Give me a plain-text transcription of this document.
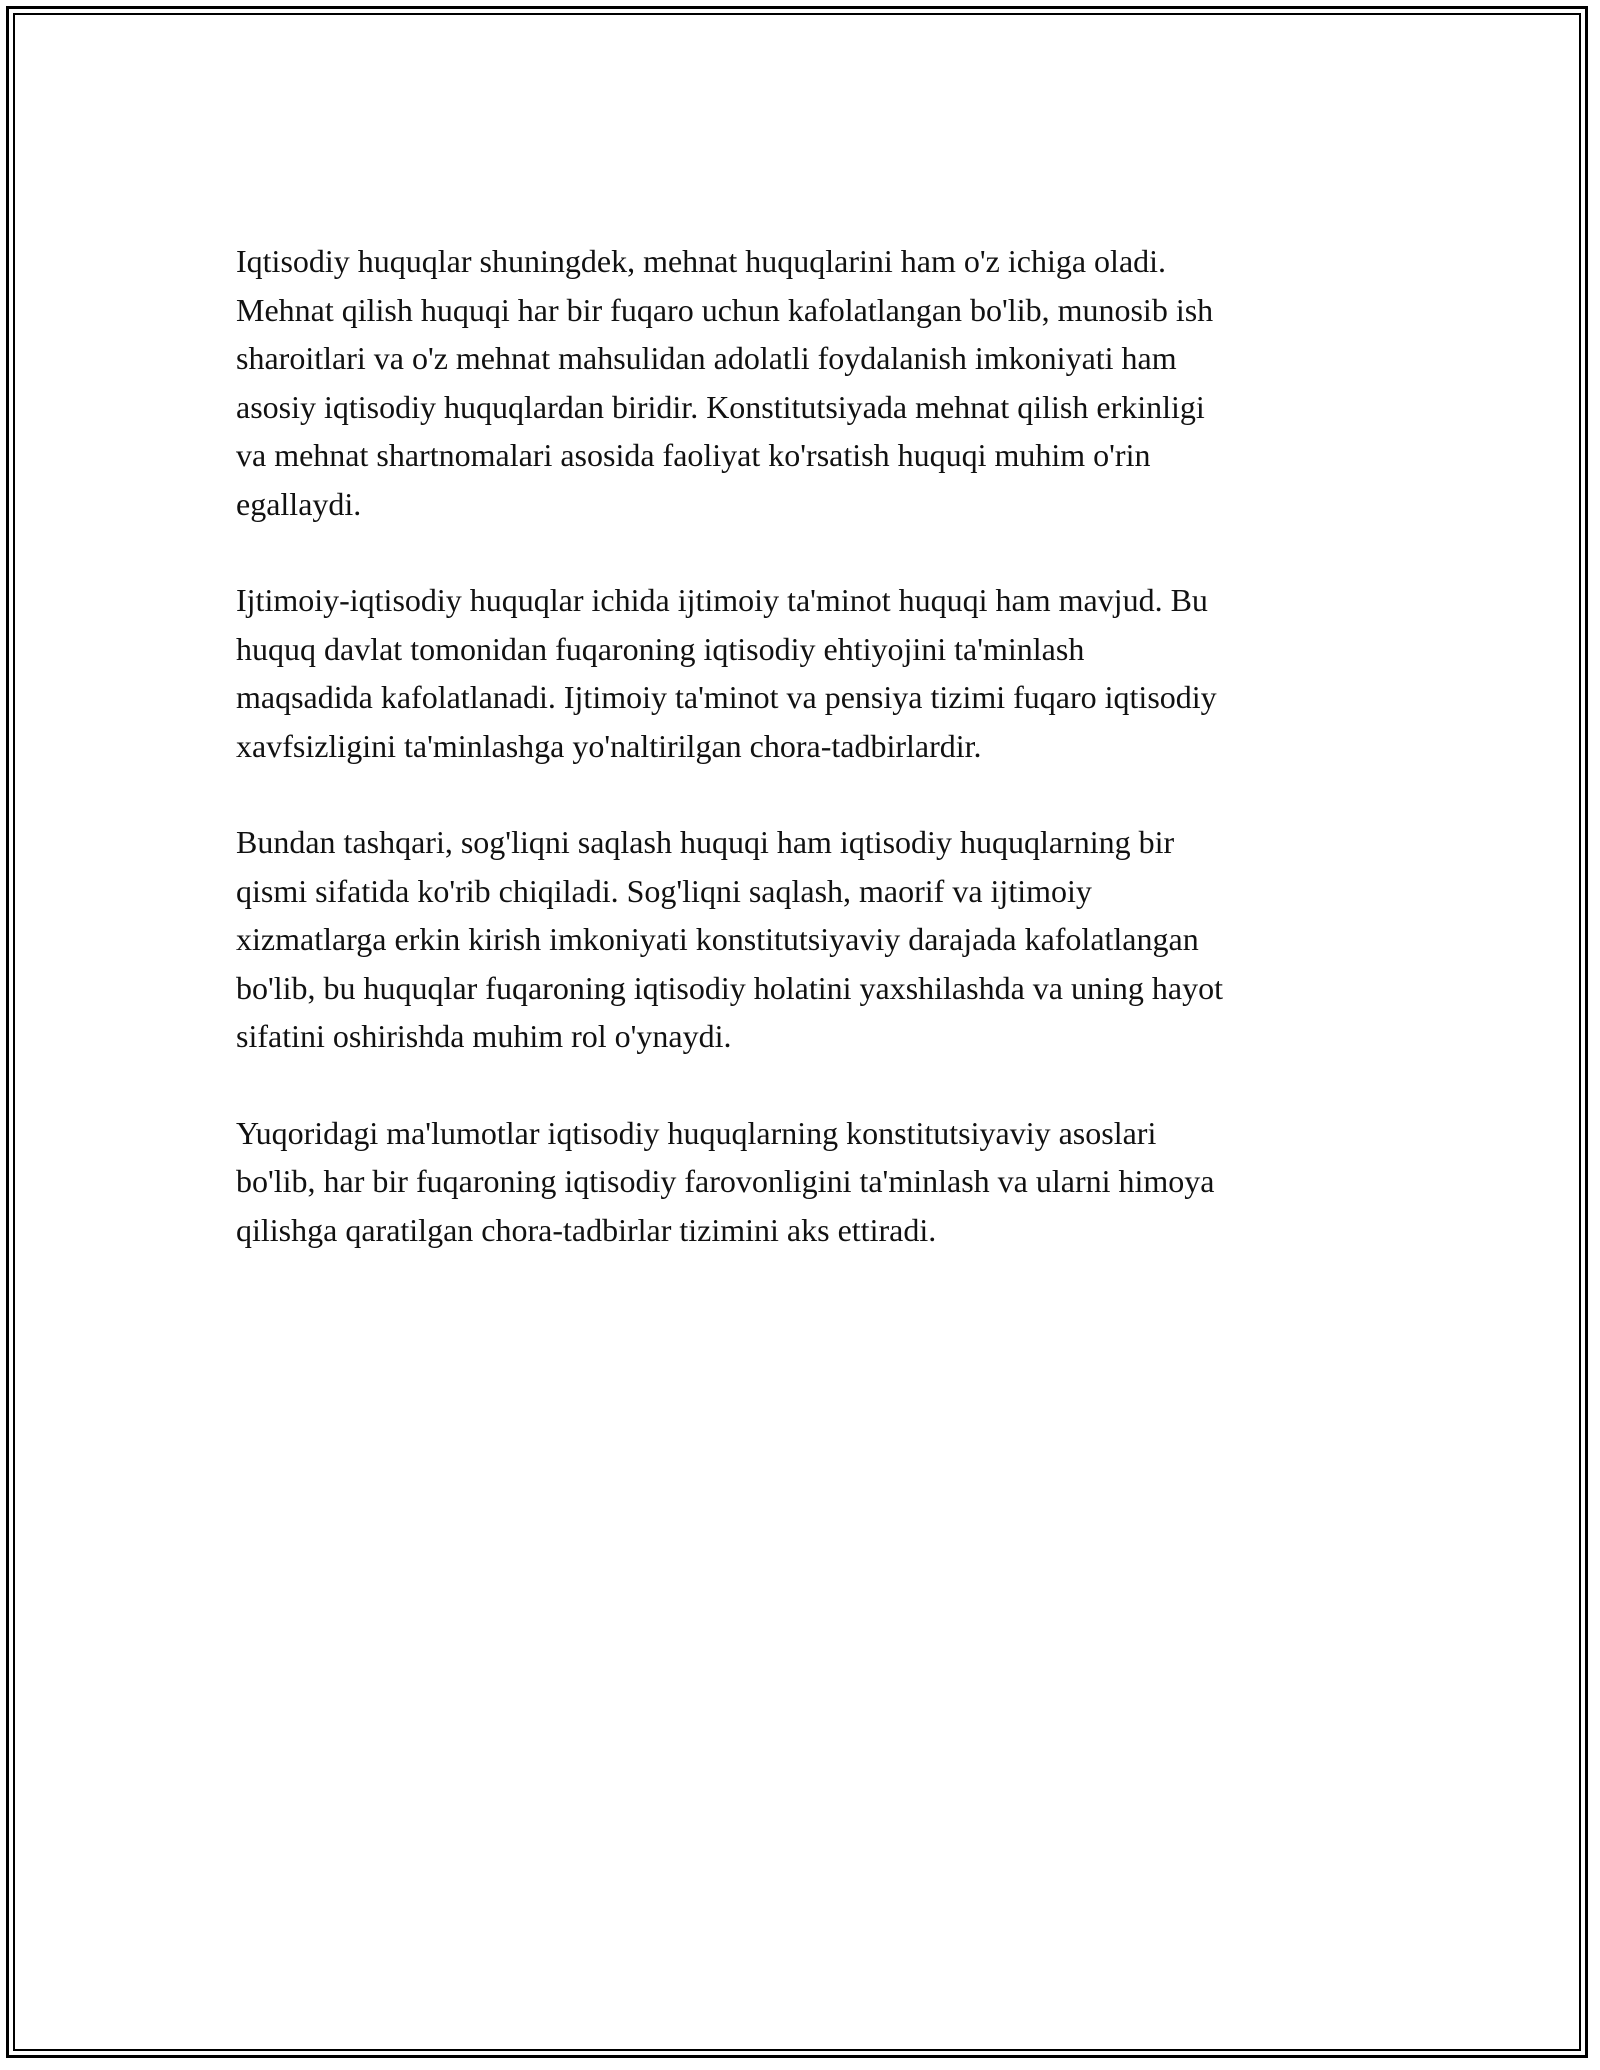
Iqtisodiy huquqlar shuningdek, mehnat huquqlarini ham o'z ichiga oladi.
Mehnat qilish huquqi har bir fuqaro uchun kafolatlangan bo'lib, munosib ish
sharoitlari va o'z mehnat mahsulidan adolatli foydalanish imkoniyati ham
asosiy iqtisodiy huquqlardan biridir. Konstitutsiyada mehnat qilish erkinligi
va mehnat shartnomalari asosida faoliyat ko'rsatish huquqi muhim o'rin
egallaydi.

Ijtimoiy-iqtisodiy huquqlar ichida ijtimoiy ta'minot huquqi ham mavjud. Bu
huquq davlat tomonidan fuqaroning iqtisodiy ehtiyojini ta'minlash
maqsadida kafolatlanadi. Ijtimoiy ta'minot va pensiya tizimi fuqaro iqtisodiy
xavfsizligini ta'minlashga yo'naltirilgan chora-tadbirlardir.

Bundan tashqari, sog'liqni saqlash huquqi ham iqtisodiy huquqlarning bir
qismi sifatida ko'rib chiqiladi. Sog'liqni saqlash, maorif va ijtimoiy
xizmatlarga erkin kirish imkoniyati konstitutsiyaviy darajada kafolatlangan
bo'lib, bu huquqlar fuqaroning iqtisodiy holatini yaxshilashda va uning hayot
sifatini oshirishda muhim rol o'ynaydi.

Yuqoridagi ma'lumotlar iqtisodiy huquqlarning konstitutsiyaviy asoslari
bo'lib, har bir fuqaroning iqtisodiy farovonligini ta'minlash va ularni himoya
qilishga qaratilgan chora-tadbirlar tizimini aks ettiradi.
